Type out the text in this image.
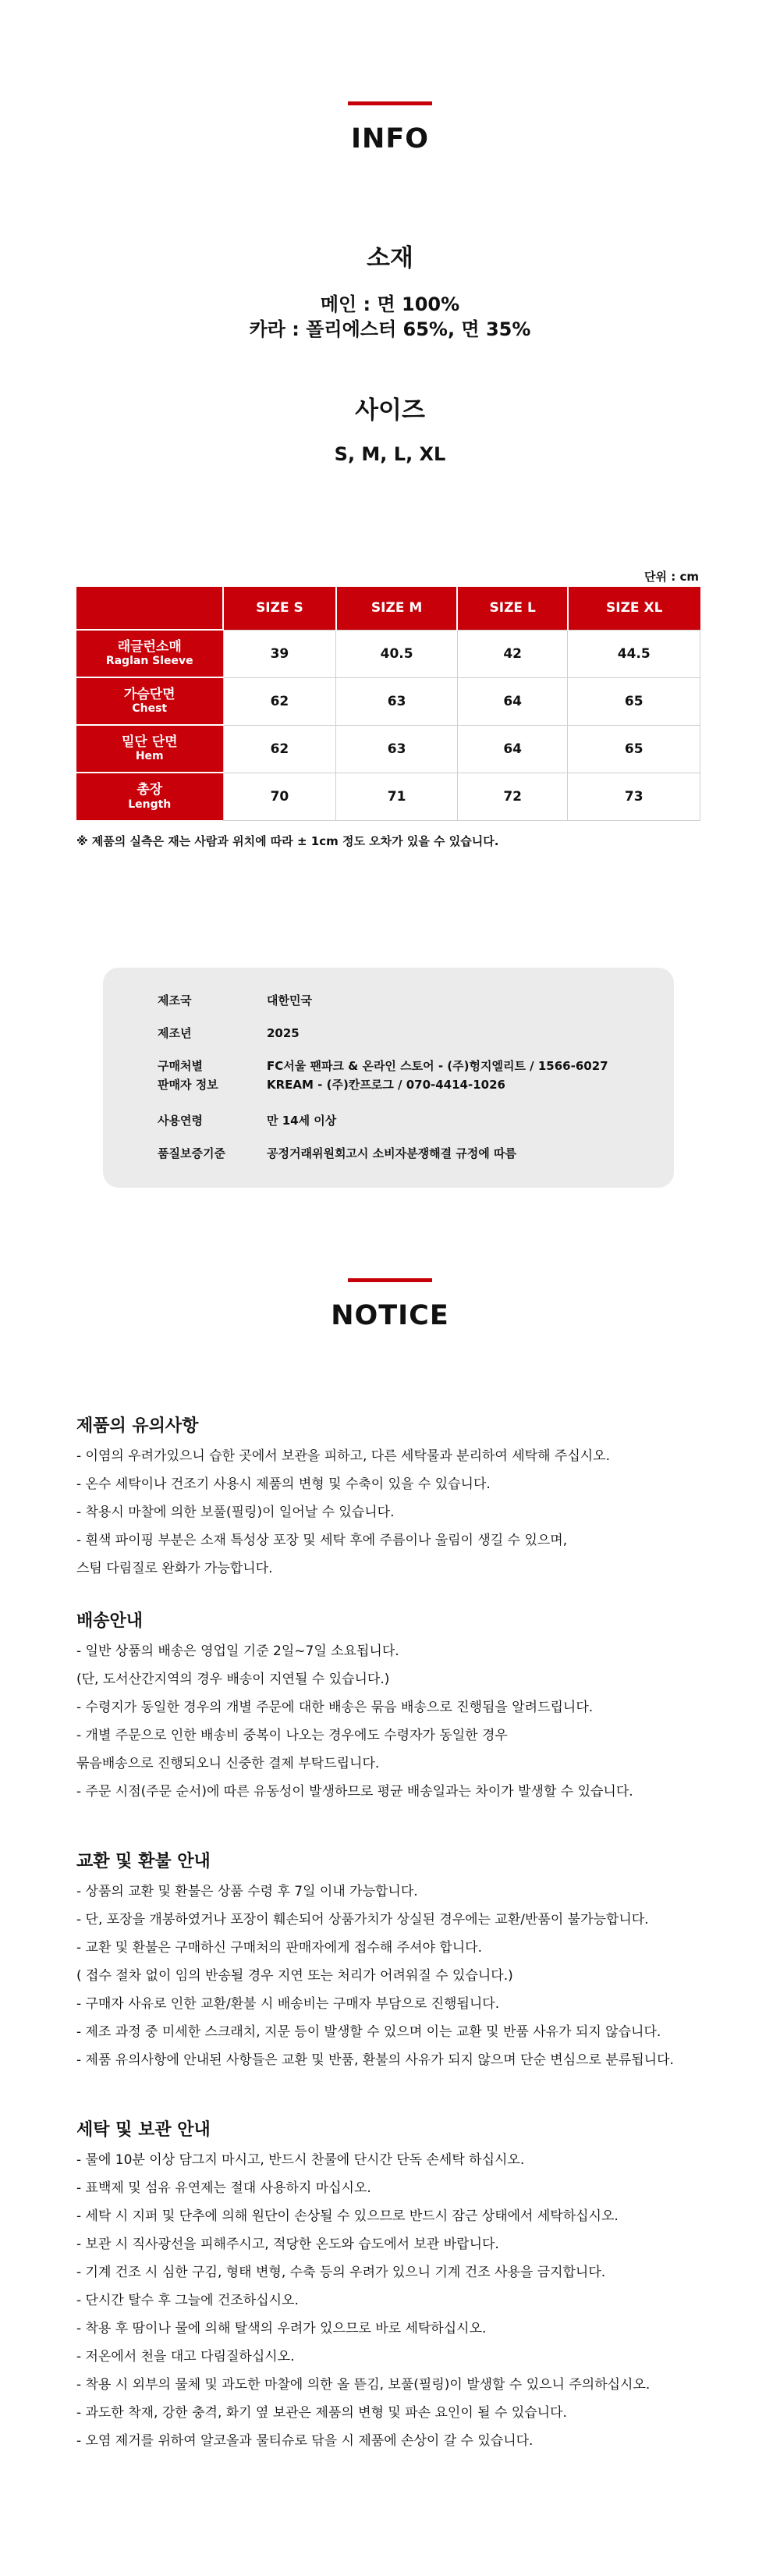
INFO
소재
메인 : 면 100%
카라 : 폴리에스터 65%, 면 35%
사이즈
S, M, L, XL
단위 : cm
	SIZE S	SIZE M	SIZE L	SIZE XL

래글런소매
Raglan Sleeve	39	40.5	42	44.5

가슴단면
Chest	62	63	64	65

밑단 단면
Hem	62	63	64	65

총장
Length	70	71	72	73
※ 제품의 실측은 재는 사람과 위치에 따라 ± 1cm 정도 오차가 있을 수 있습니다.
제조국	대한민국
제조년	2025
구매처별	FC서울 팬파크 & 온라인 스토어 - (주)헝지엘리트 / 1566-6027
판매자 정보	KREAM - (주)칸프로그 / 070-4414-1026
사용연령	만 14세 이상
품질보증기준	공정거래위원회고시 소비자분쟁해결 규정에 따름
NOTICE
제품의 유의사항
- 이염의 우려가있으니 습한 곳에서 보관을 피하고, 다른 세탁물과 분리하여 세탁해 주십시오.
- 온수 세탁이나 건조기 사용시 제품의 변형 및 수축이 있을 수 있습니다.
- 착용시 마찰에 의한 보풀(필링)이 일어날 수 있습니다.
- 흰색 파이핑 부분은 소재 특성상 포장 및 세탁 후에 주름이나 울림이 생길 수 있으며,
스팀 다림질로 완화가 가능합니다.
배송안내
- 일반 상품의 배송은 영업일 기준 2일~7일 소요됩니다.
(단, 도서산간지역의 경우 배송이 지연될 수 있습니다.)
- 수령지가 동일한 경우의 개별 주문에 대한 배송은 묶음 배송으로 진행됨을 알려드립니다.
- 개별 주문으로 인한 배송비 중복이 나오는 경우에도 수령자가 동일한 경우
묶음배송으로 진행되오니 신중한 결제 부탁드립니다.
- 주문 시점(주문 순서)에 따른 유동성이 발생하므로 평균 배송일과는 차이가 발생할 수 있습니다.
교환 및 환불 안내
- 상품의 교환 및 환불은 상품 수령 후 7일 이내 가능합니다.
- 단, 포장을 개봉하였거나 포장이 훼손되어 상품가치가 상실된 경우에는 교환/반품이 불가능합니다.
- 교환 및 환불은 구매하신 구매처의 판매자에게 접수해 주셔야 합니다.
( 접수 절차 없이 임의 반송될 경우 지연 또는 처리가 어려워질 수 있습니다.)
- 구매자 사유로 인한 교환/환불 시 배송비는 구매자 부담으로 진행됩니다.
- 제조 과정 중 미세한 스크래치, 지문 등이 발생할 수 있으며 이는 교환 및 반품 사유가 되지 않습니다.
- 제품 유의사항에 안내된 사항들은 교환 및 반품, 환불의 사유가 되지 않으며 단순 변심으로 분류됩니다.
세탁 및 보관 안내
- 물에 10분 이상 담그지 마시고, 반드시 찬물에 단시간 단독 손세탁 하십시오.
- 표백제 및 섬유 유연제는 절대 사용하지 마십시오.
- 세탁 시 지퍼 및 단추에 의해 원단이 손상될 수 있으므로 반드시 잠근 상태에서 세탁하십시오.
- 보관 시 직사광선을 피해주시고, 적당한 온도와 습도에서 보관 바랍니다.
- 기계 건조 시 심한 구김, 형태 변형, 수축 등의 우려가 있으니 기계 건조 사용을 금지합니다.
- 단시간 탈수 후 그늘에 건조하십시오.
- 착용 후 땀이나 물에 의해 탈색의 우려가 있으므로 바로 세탁하십시오.
- 저온에서 천을 대고 다림질하십시오.
- 착용 시 외부의 물체 및 과도한 마찰에 의한 올 뜯김, 보풀(필링)이 발생할 수 있으니 주의하십시오.
- 과도한 착재, 강한 충격, 화기 옆 보관은 제품의 변형 및 파손 요인이 될 수 있습니다.
- 오염 제거를 위하여 알코올과 물티슈로 닦을 시 제품에 손상이 갈 수 있습니다.
